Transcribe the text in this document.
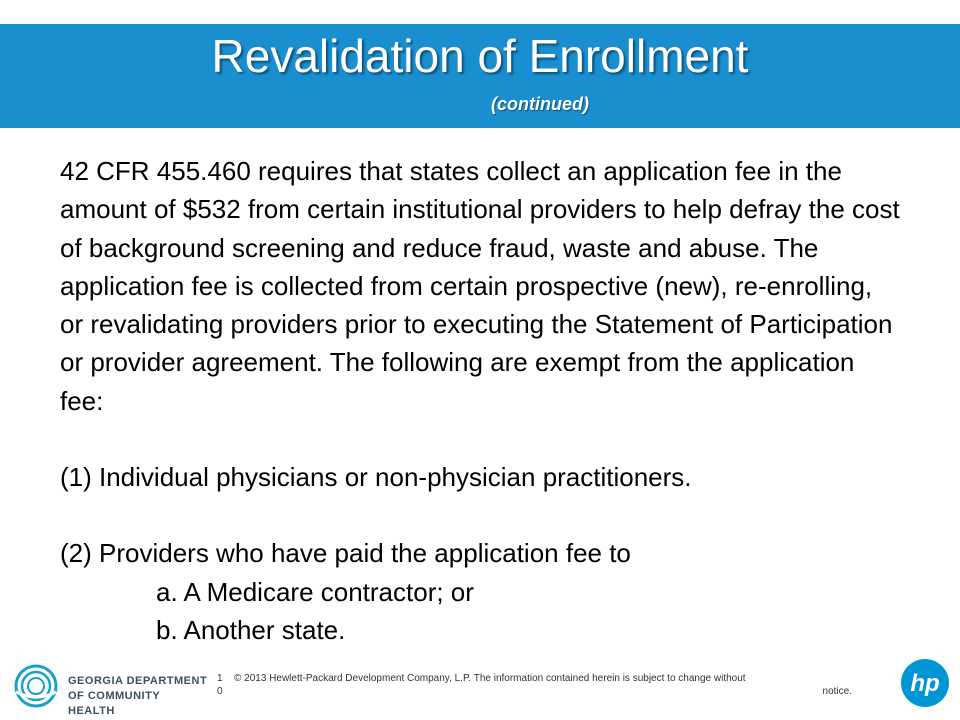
Revalidation of Enrollment
(continued)

42 CFR 455.460 requires that states collect an application fee in the amount of $532 from certain institutional providers to help defray the cost of background screening and reduce fraud, waste and abuse. The application fee is collected from certain prospective (new), re-enrolling, or revalidating providers prior to executing the Statement of Participation or provider agreement. The following are exempt from the application fee:

(1) Individual physicians or non-physician practitioners.

(2) Providers who have paid the application fee to

a. A Medicare contractor; or

b. Another state.

GEORGIA DEPARTMENT
OF COMMUNITY HEALTH
1 0
© 2013 Hewlett-Packard Development Company, L.P. The information contained herein is subject to change without
notice. hp
